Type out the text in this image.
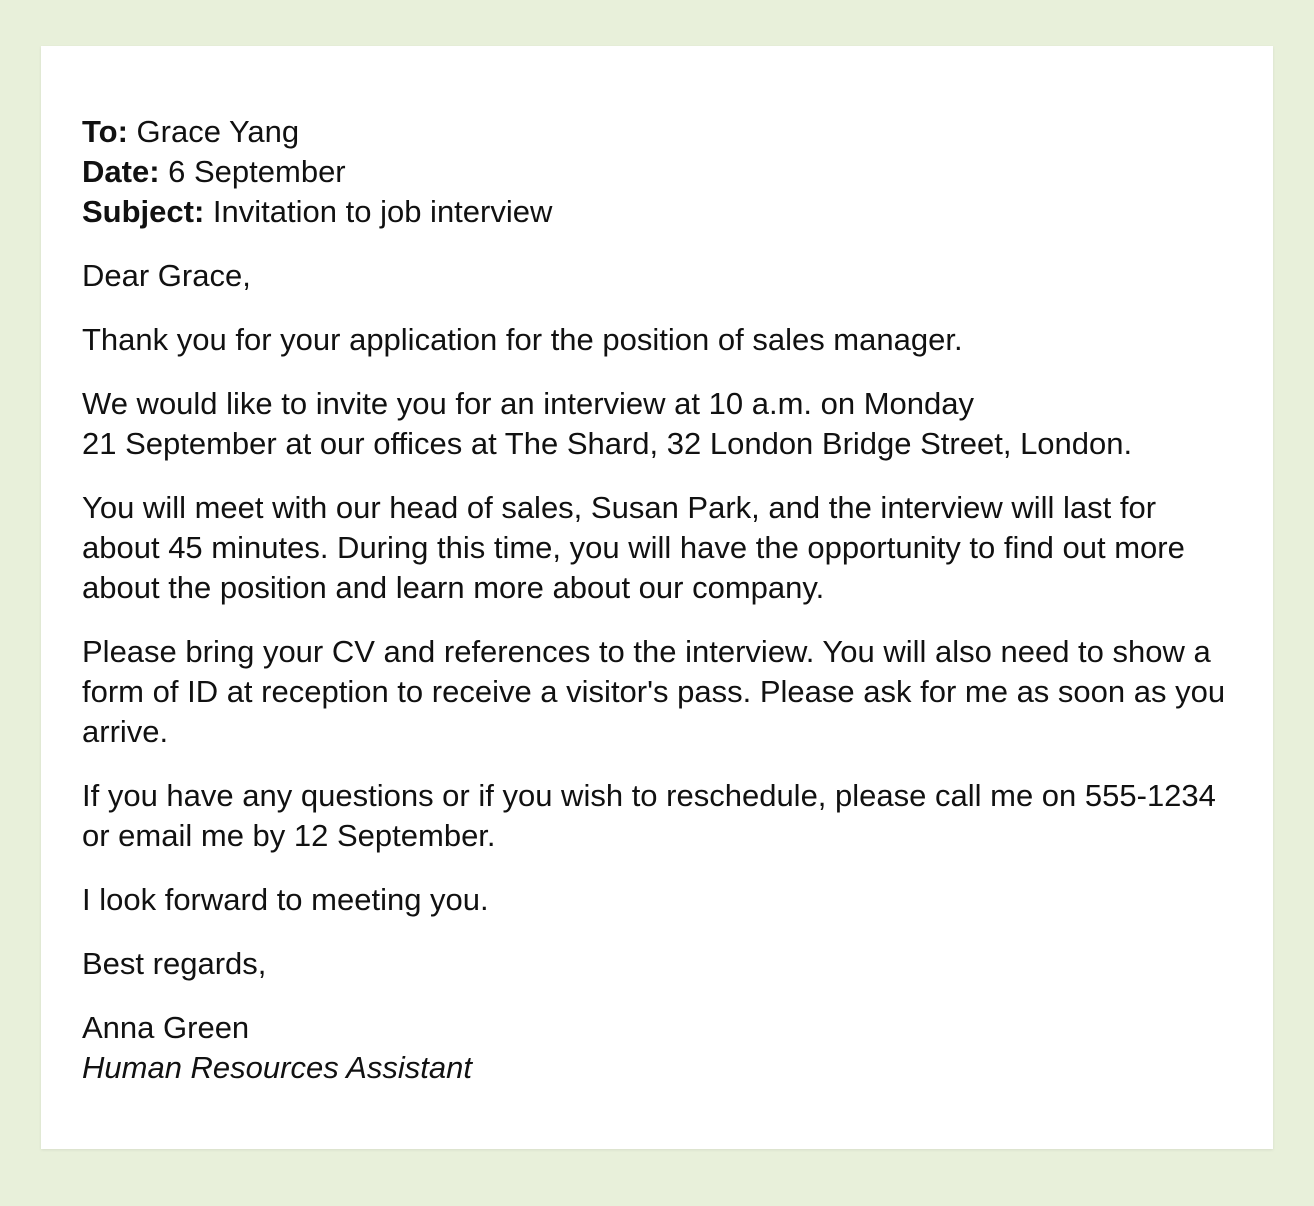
To: Grace Yang

Date: 6 September

Subject: Invitation to job interview

Dear Grace,

Thank you for your application for the position of sales manager.

We would like to invite you for an interview at 10 a.m. on Monday
21 September at our offices at The Shard, 32 London Bridge Street, London.

You will meet with our head of sales, Susan Park, and the interview will last for about 45 minutes. During this time, you will have the opportunity to find out more about the position and learn more about our company.

Please bring your CV and references to the interview. You will also need to show a form of ID at reception to receive a visitor's pass. Please ask for me as soon as you arrive.

If you have any questions or if you wish to reschedule, please call me on 555-1234 or email me by 12 September.

I look forward to meeting you.

Best regards,

Anna Green

Human Resources Assistant
